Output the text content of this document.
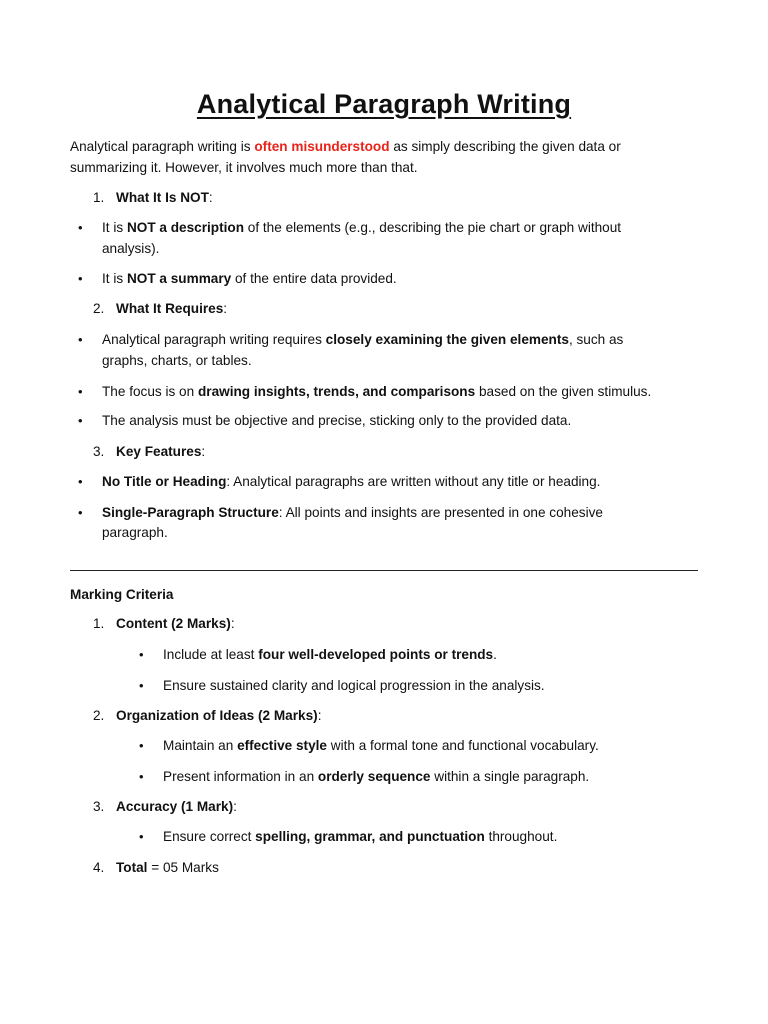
Analytical Paragraph Writing
Analytical paragraph writing is often misunderstood as simply describing the given data or
summarizing it. However, it involves much more than that.
1. What It Is NOT:
• It is NOT a description of the elements (e.g., describing the pie chart or graph without
analysis).
• It is NOT a summary of the entire data provided.
2. What It Requires:
• Analytical paragraph writing requires closely examining the given elements, such as
graphs, charts, or tables.
• The focus is on drawing insights, trends, and comparisons based on the given stimulus.
• The analysis must be objective and precise, sticking only to the provided data.
3. Key Features:
• No Title or Heading: Analytical paragraphs are written without any title or heading.
• Single-Paragraph Structure: All points and insights are presented in one cohesive
paragraph.
Marking Criteria
1. Content (2 Marks):
• Include at least four well-developed points or trends.
• Ensure sustained clarity and logical progression in the analysis.
2. Organization of Ideas (2 Marks):
• Maintain an effective style with a formal tone and functional vocabulary.
• Present information in an orderly sequence within a single paragraph.
3. Accuracy (1 Mark):
• Ensure correct spelling, grammar, and punctuation throughout.
4. Total = 05 Marks
